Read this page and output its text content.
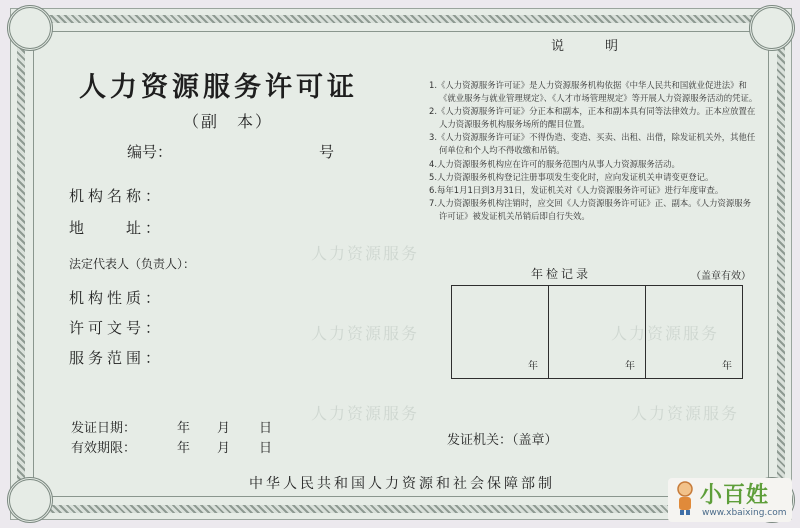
人力资源服务
人力资源服务
人力资源服务
人力资源服务
人力资源服务
人力资源服务许可证
（副　本）
编号：	号
机构名称：
地　　址：
法定代表人（负责人）：
机构性质：
许可文号：
服务范围：
发证日期：	年 月 日
有效期限：	年 月 日
说　明

1.《人力资源服务许可证》是人力资源服务机构依据《中华人民共和国就业促进法》和《就业服务与就业管理规定》、《人才市场管理规定》等开展人力资源服务活动的凭证。

2.《人力资源服务许可证》分正本和副本，正本和副本具有同等法律效力。正本应放置在人力资源服务机构服务场所的醒目位置。

3.《人力资源服务许可证》不得伪造、变造、买卖、出租、出借，除发证机关外，其他任何单位和个人均不得收缴和吊销。

4.人力资源服务机构应在许可的服务范围内从事人力资源服务活动。

5.人力资源服务机构登记注册事项发生变化时，应向发证机关申请变更登记。

6.每年1月1日到3月31日，发证机关对《人力资源服务许可证》进行年度审查。

7.人力资源服务机构注销时，应交回《人力资源服务许可证》正、副本。《人力资源服务许可证》被发证机关吊销后即自行失效。

年检记录	（盖章有效）
年	年	年
发证机关：（盖章）
中华人民共和国人力资源和社会保障部制	小百姓
www.xbaixing.com
